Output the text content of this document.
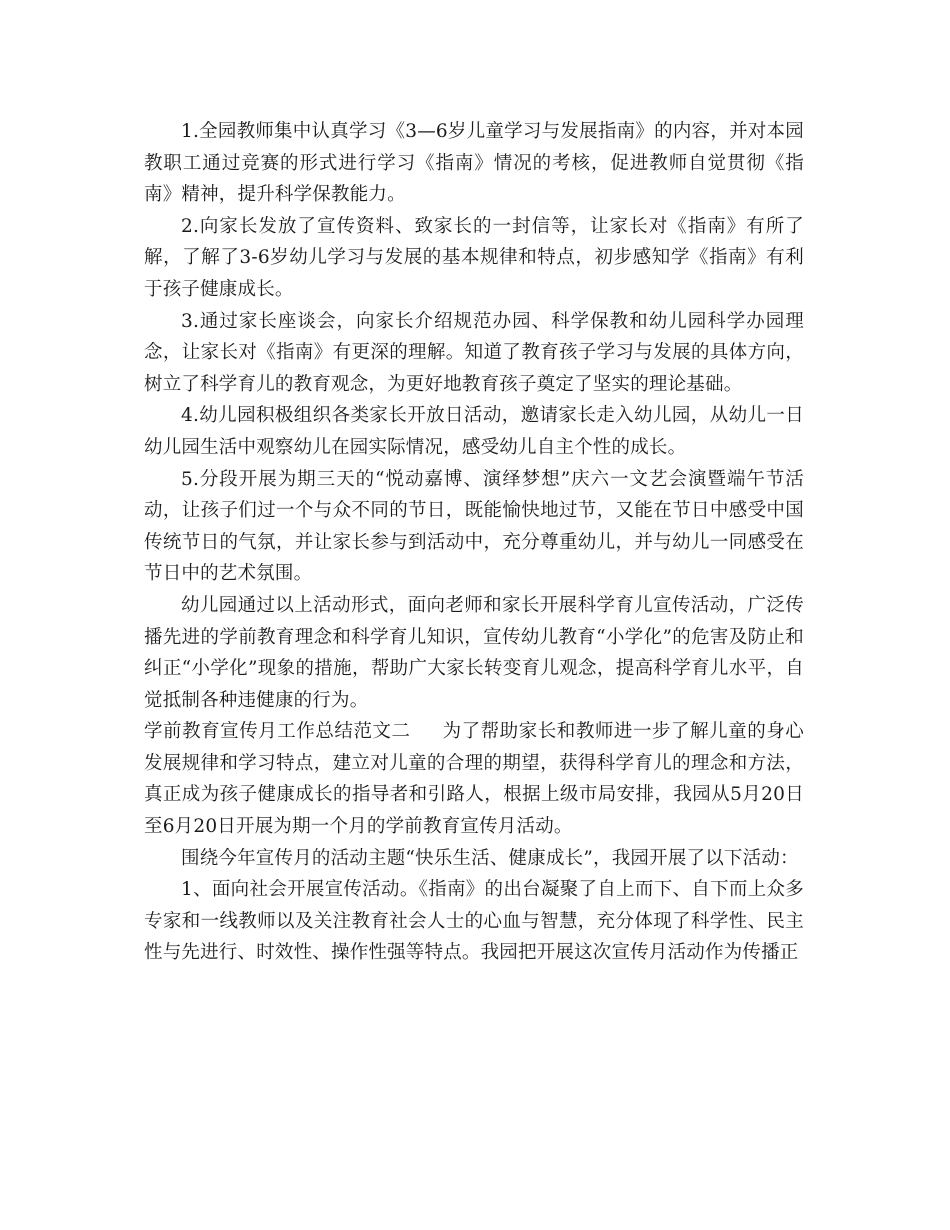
1.全园教师集中认真学习《3—6岁儿童学习与发展指南》的内容，并对本园教职工通过竞赛的形式进行学习《指南》情况的考核，促进教师自觉贯彻《指南》精神，提升科学保教能力。

2.向家长发放了宣传资料、致家长的一封信等，让家长对《指南》有所了解，了解了3-6岁幼儿学习与发展的基本规律和特点，初步感知学《指南》有利于孩子健康成长。

3.通过家长座谈会，向家长介绍规范办园、科学保教和幼儿园科学办园理念，让家长对《指南》有更深的理解。知道了教育孩子学习与发展的具体方向，树立了科学育儿的教育观念，为更好地教育孩子奠定了坚实的理论基础。

4.幼儿园积极组织各类家长开放日活动，邀请家长走入幼儿园，从幼儿一日幼儿园生活中观察幼儿在园实际情况，感受幼儿自主个性的成长。

5.分段开展为期三天的“悦动嘉博、演绎梦想”庆六一文艺会演暨端午节活动，让孩子们过一个与众不同的节日，既能愉快地过节，又能在节日中感受中国传统节日的气氛，并让家长参与到活动中，充分尊重幼儿，并与幼儿一同感受在节日中的艺术氛围。

幼儿园通过以上活动形式，面向老师和家长开展科学育儿宣传活动，广泛传播先进的学前教育理念和科学育儿知识，宣传幼儿教育“小学化”的危害及防止和纠正“小学化”现象的措施，帮助广大家长转变育儿观念，提高科学育儿水平，自觉抵制各种违健康的行为。

学前教育宣传月工作总结范文二 为了帮助家长和教师进一步了解儿童的身心发展规律和学习特点，建立对儿童的合理的期望，获得科学育儿的理念和方法，真正成为孩子健康成长的指导者和引路人，根据上级市局安排，我园从5月20日至6月20日开展为期一个月的学前教育宣传月活动。

围绕今年宣传月的活动主题“快乐生活、健康成长”，我园开展了以下活动：

1、面向社会开展宣传活动。《指南》的出台凝聚了自上而下、自下而上众多专家和一线教师以及关注教育社会人士的心血与智慧，充分体现了科学性、民主性与先进行、时效性、操作性强等特点。我园把开展这次宣传月活动作为传播正
